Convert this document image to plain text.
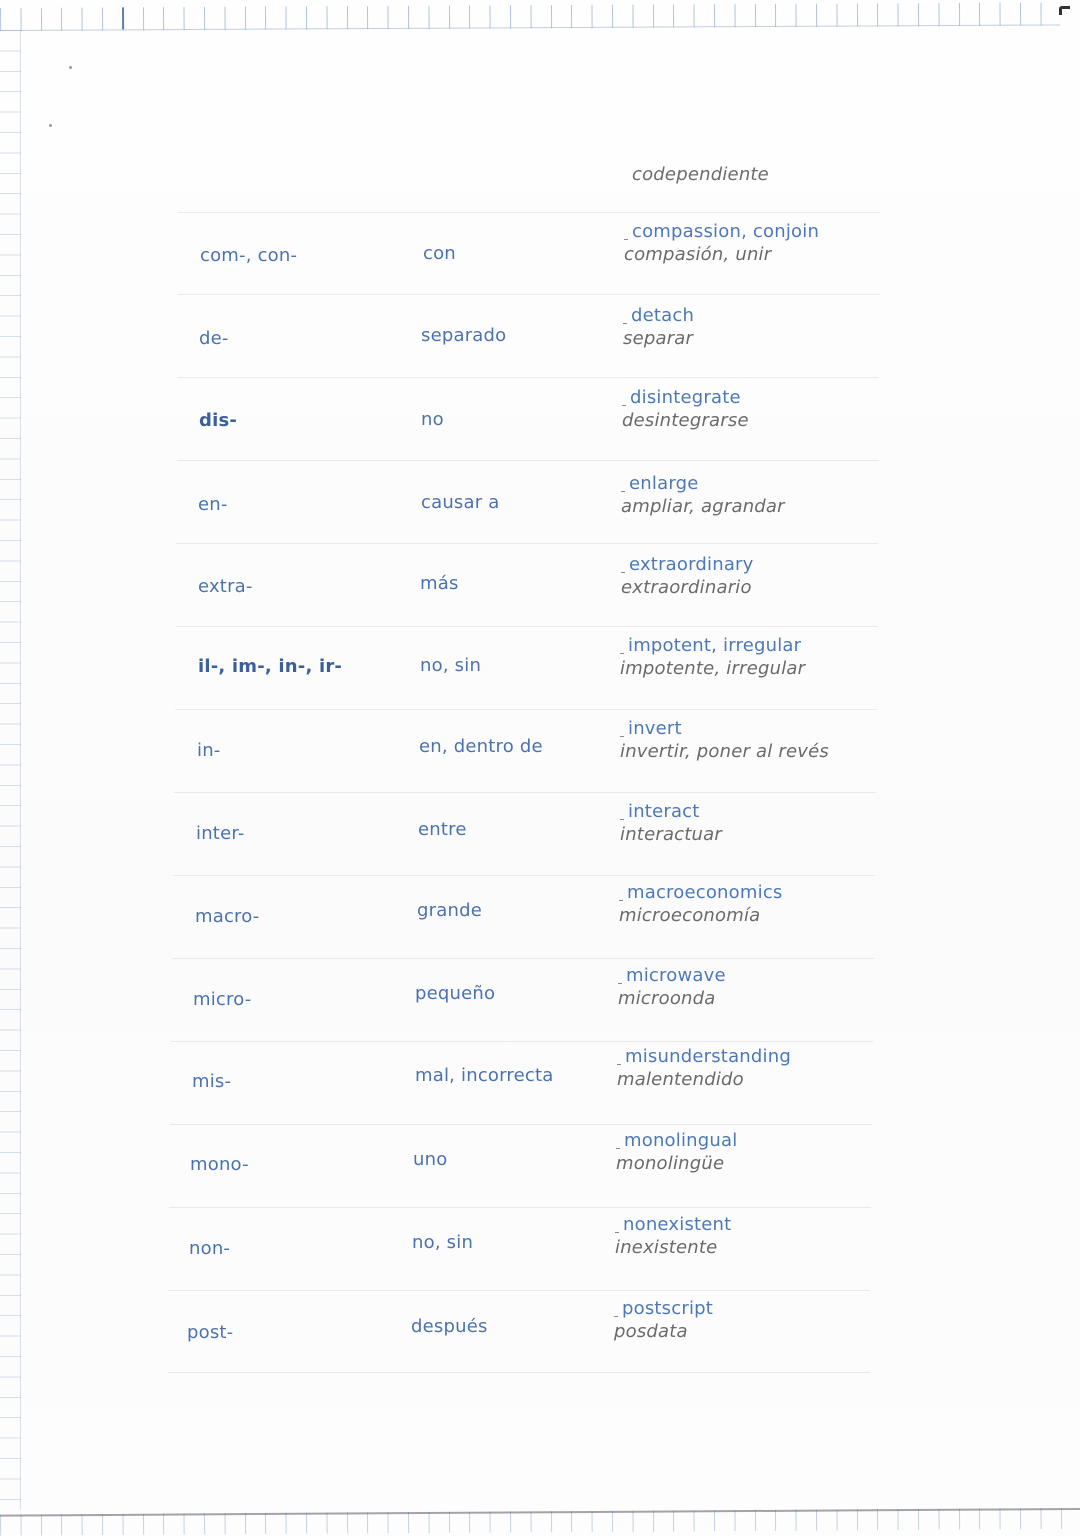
codependiente
com-, con-	con
compassion, conjoin
compasión, unir
de-	separado
detach
separar
dis-	no
disintegrate
desintegrarse
en-	causar a
enlarge
ampliar, agrandar
extra-	más
extraordinary
extraordinario
il-, im-, in-, ir-	no, sin
impotent, irregular
impotente, irregular
in-	en, dentro de
invert
invertir, poner al revés
inter-	entre
interact
interactuar
macro-	grande
macroeconomics
microeconomía
micro-	pequeño
microwave
microonda
mis-	mal, incorrecta
misunderstanding
malentendido
mono-	uno
monolingual
monolingüe
non-	no, sin
nonexistent
inexistente
post-	después
postscript
posdata
